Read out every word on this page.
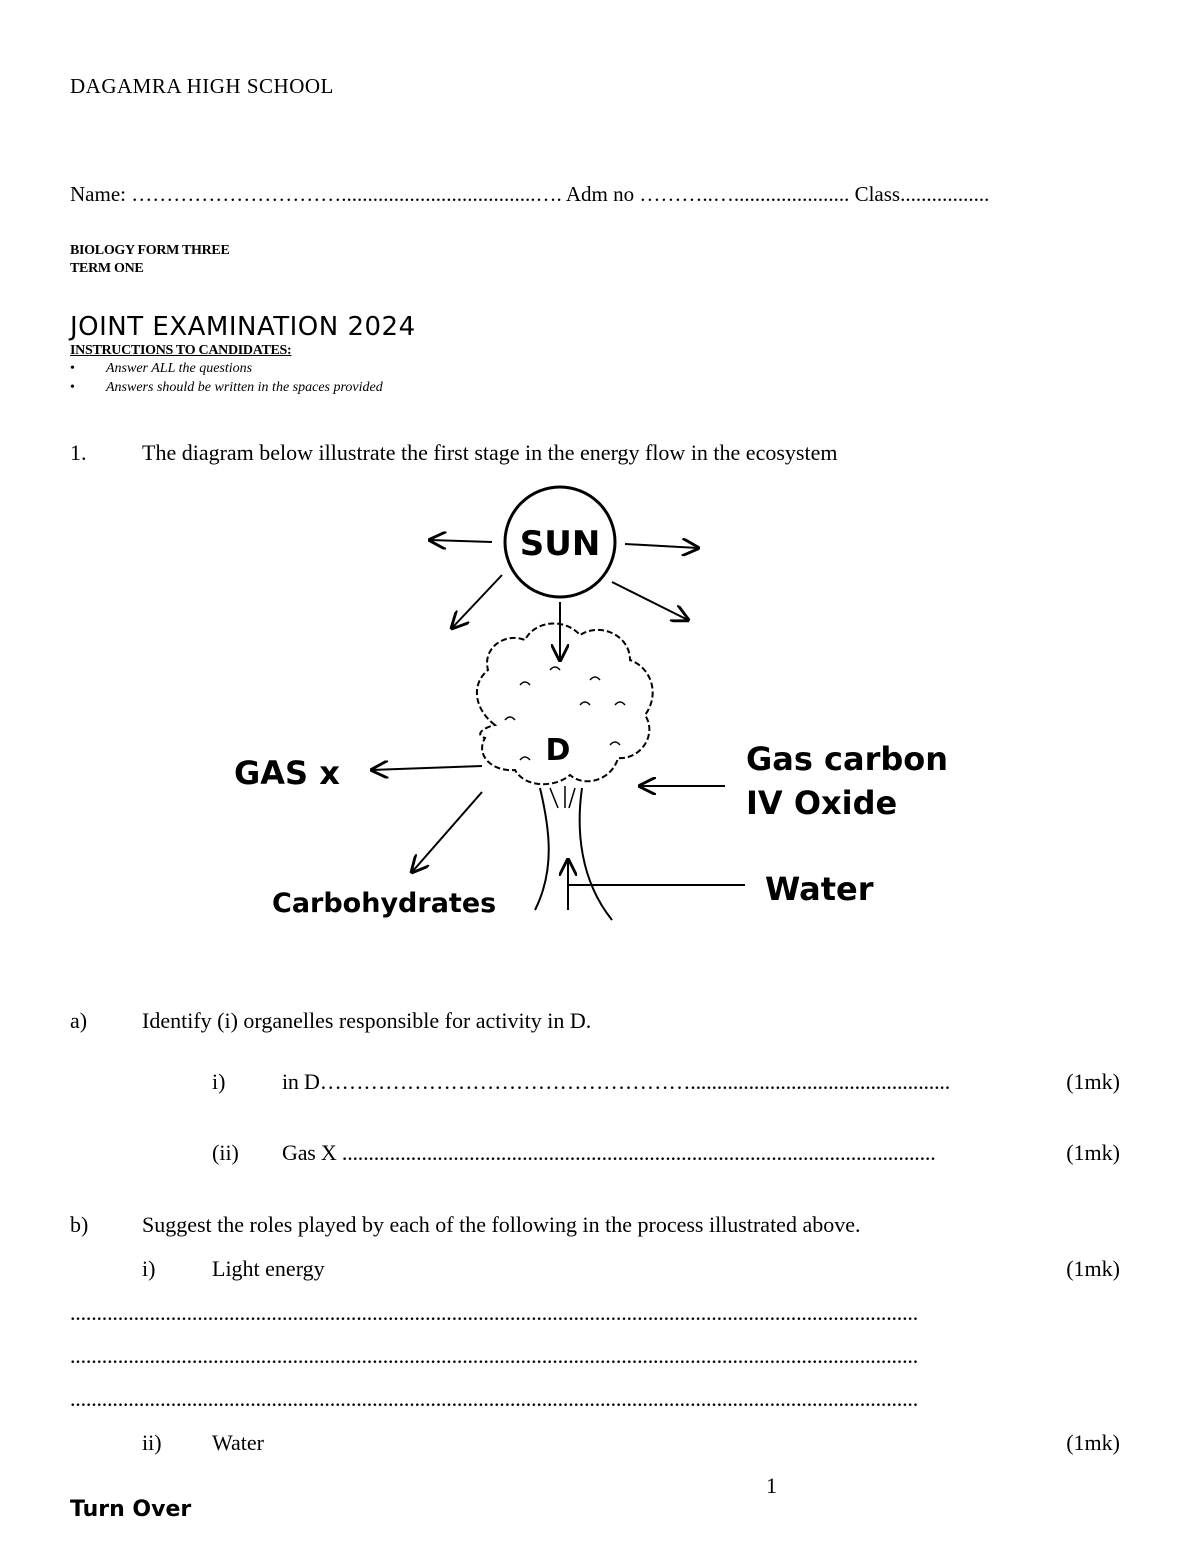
DAGAMRA HIGH SCHOOL
Name: ………………………….....................................…. Adm no ………..…...................... Class.................
BIOLOGY FORM THREE
TERM ONE
JOINT EXAMINATION 2024
INSTRUCTIONS TO CANDIDATES:
• Answer ALL the questions
• Answers should be written in the spaces provided
1.	The diagram below illustrate the first stage in the energy flow in the ecosystem
SUN
D
GAS x	Gas carbon
IV Oxide
Carbohydrates	Water
a) Identify (i) organelles responsible for activity in D.
i)	in D…………………………………………….................................................	(1mk)
(ii) Gas X ................................................................................................................	(1mk)
b) Suggest the roles played by each of the following in the process illustrated above.
i)	Light energy	(1mk)
................................................................................................................................................................
................................................................................................................................................................
................................................................................................................................................................
ii) Water	(1mk)
1
Turn Over
